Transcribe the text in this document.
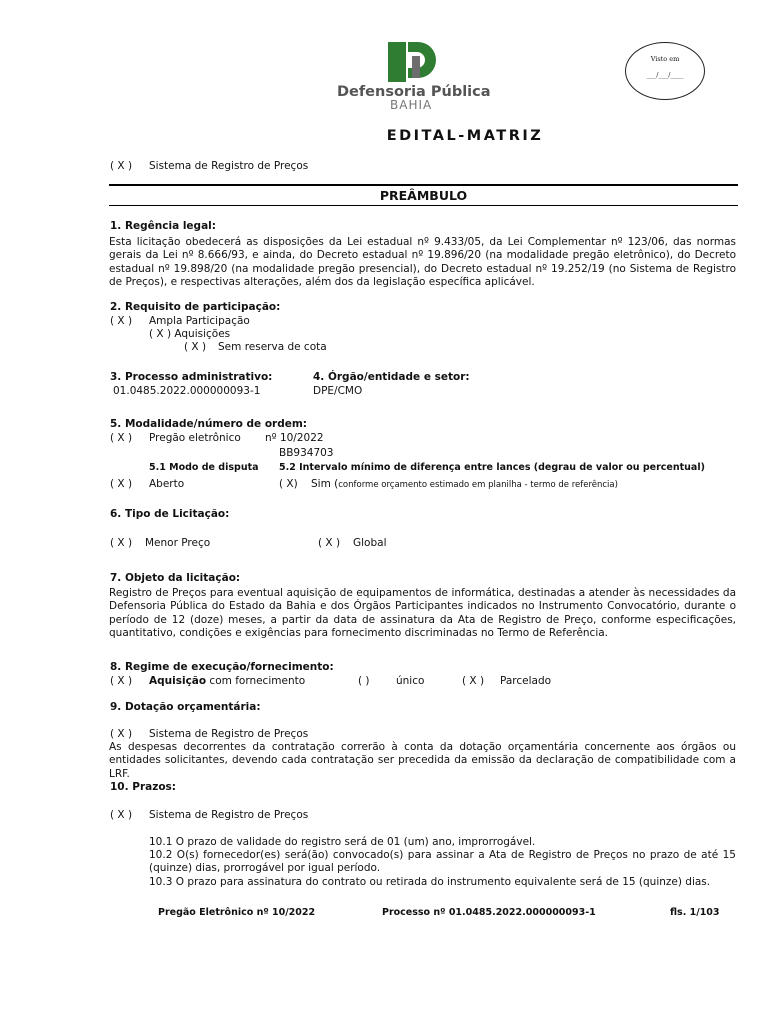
Defensoria Pública
BAHIA
Visto em
___/___/____
EDITAL-MATRIZ
( X ) Sistema de Registro de Preços
PREÂMBULO
1. Regência legal:
Esta licitação obedecerá as disposições da Lei estadual nº 9.433/05, da Lei Complementar nº 123/06, das normas gerais da Lei nº 8.666/93, e ainda, do Decreto estadual nº 19.896/20 (na modalidade pregão eletrônico), do Decreto estadual nº 19.898/20 (na modalidade pregão presencial), do Decreto estadual nº 19.252/19 (no Sistema de Registro de Preços), e respectivas alterações, além dos da legislação específica aplicável.
2. Requisito de participação:
( X ) Ampla Participação
( X ) Aquisições
( X ) Sem reserva de cota
3. Processo administrativo:
01.0485.2022.000000093-1
4. Órgão/entidade e setor:
DPE/CMO
5. Modalidade/número de ordem:
( X ) Pregão eletrônico nº 10/2022
BB934703
5.1 Modo de disputa 5.2 Intervalo mínimo de diferença entre lances (degrau de valor ou percentual)
( X ) Aberto	( X) Sim (conforme orçamento estimado em planilha - termo de referência)
6. Tipo de Licitação:
( X ) Menor Preço	( X ) Global
7. Objeto da licitação:
Registro de Preços para eventual aquisição de equipamentos de informática, destinadas a atender às necessidades da Defensoria Pública do Estado da Bahia e dos Órgãos Participantes indicados no Instrumento Convocatório, durante o período de 12 (doze) meses, a partir da data de assinatura da Ata de Registro de Preço, conforme especificações, quantitativo, condições e exigências para fornecimento discriminadas no Termo de Referência.
8. Regime de execução/fornecimento:
( X ) Aquisição com fornecimento	( )	único	( X ) Parcelado
9. Dotação orçamentária:
( X ) Sistema de Registro de Preços
As despesas decorrentes da contratação correrão à conta da dotação orçamentária concernente aos órgãos ou entidades solicitantes, devendo cada contratação ser precedida da emissão da declaração de compatibilidade com a LRF.
10. Prazos:
( X ) Sistema de Registro de Preços
10.1 O prazo de validade do registro será de 01 (um) ano, improrrogável.
10.2 O(s) fornecedor(es) será(ão) convocado(s) para assinar a Ata de Registro de Preços no prazo de até 15 (quinze) dias, prorrogável por igual período.
10.3 O prazo para assinatura do contrato ou retirada do instrumento equivalente será de 15 (quinze) dias.
Pregão Eletrônico nº 10/2022	Processo nº 01.0485.2022.000000093-1	fls. 1/103
